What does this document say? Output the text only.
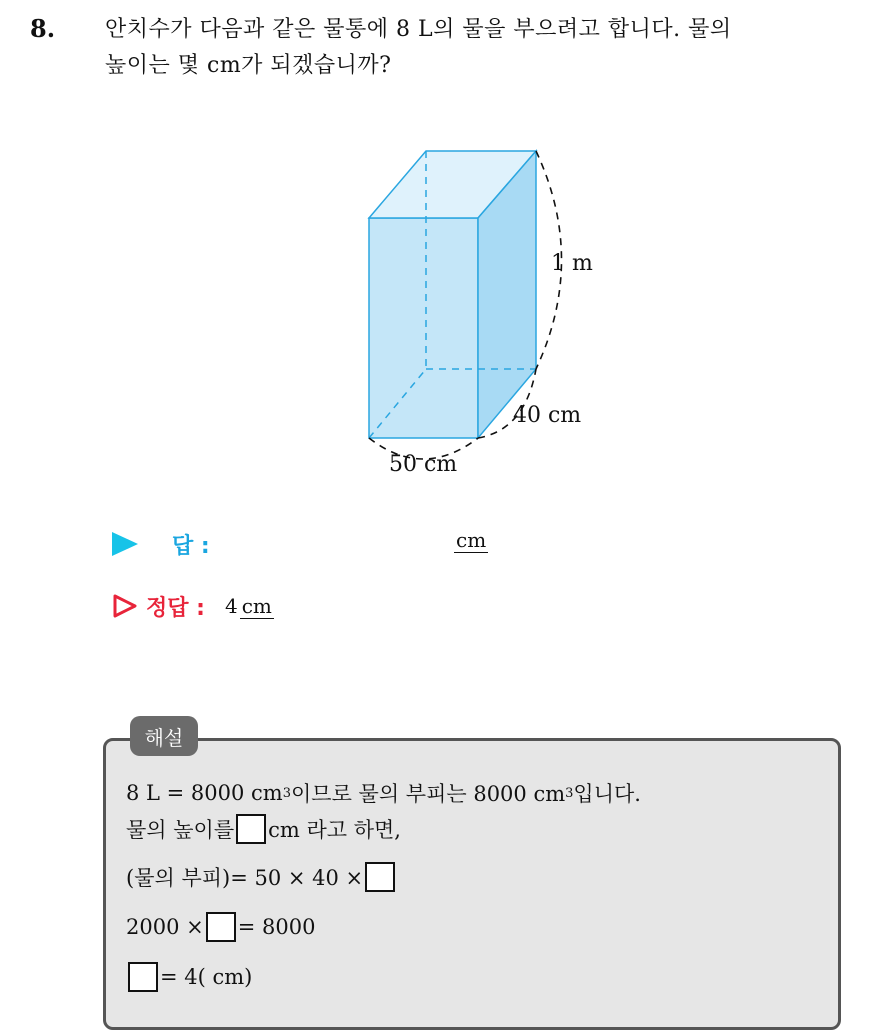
8. 안치수가 다음과 같은 물통에 8 L의 물을 부으려고 합니다. 물의
높이는 몇 cm가 되겠습니까?
1 m
40 cm
50 cm
답 :	cm
정답 : 4 cm
해설
8 L = 8000 cm 3 이므로 물의 부피는 8000 cm 3 입니다.
물의 높이를 cm 라고 하면,
(물의 부피)= 50 × 40 ×
2000 × = 8000
= 4( cm)
